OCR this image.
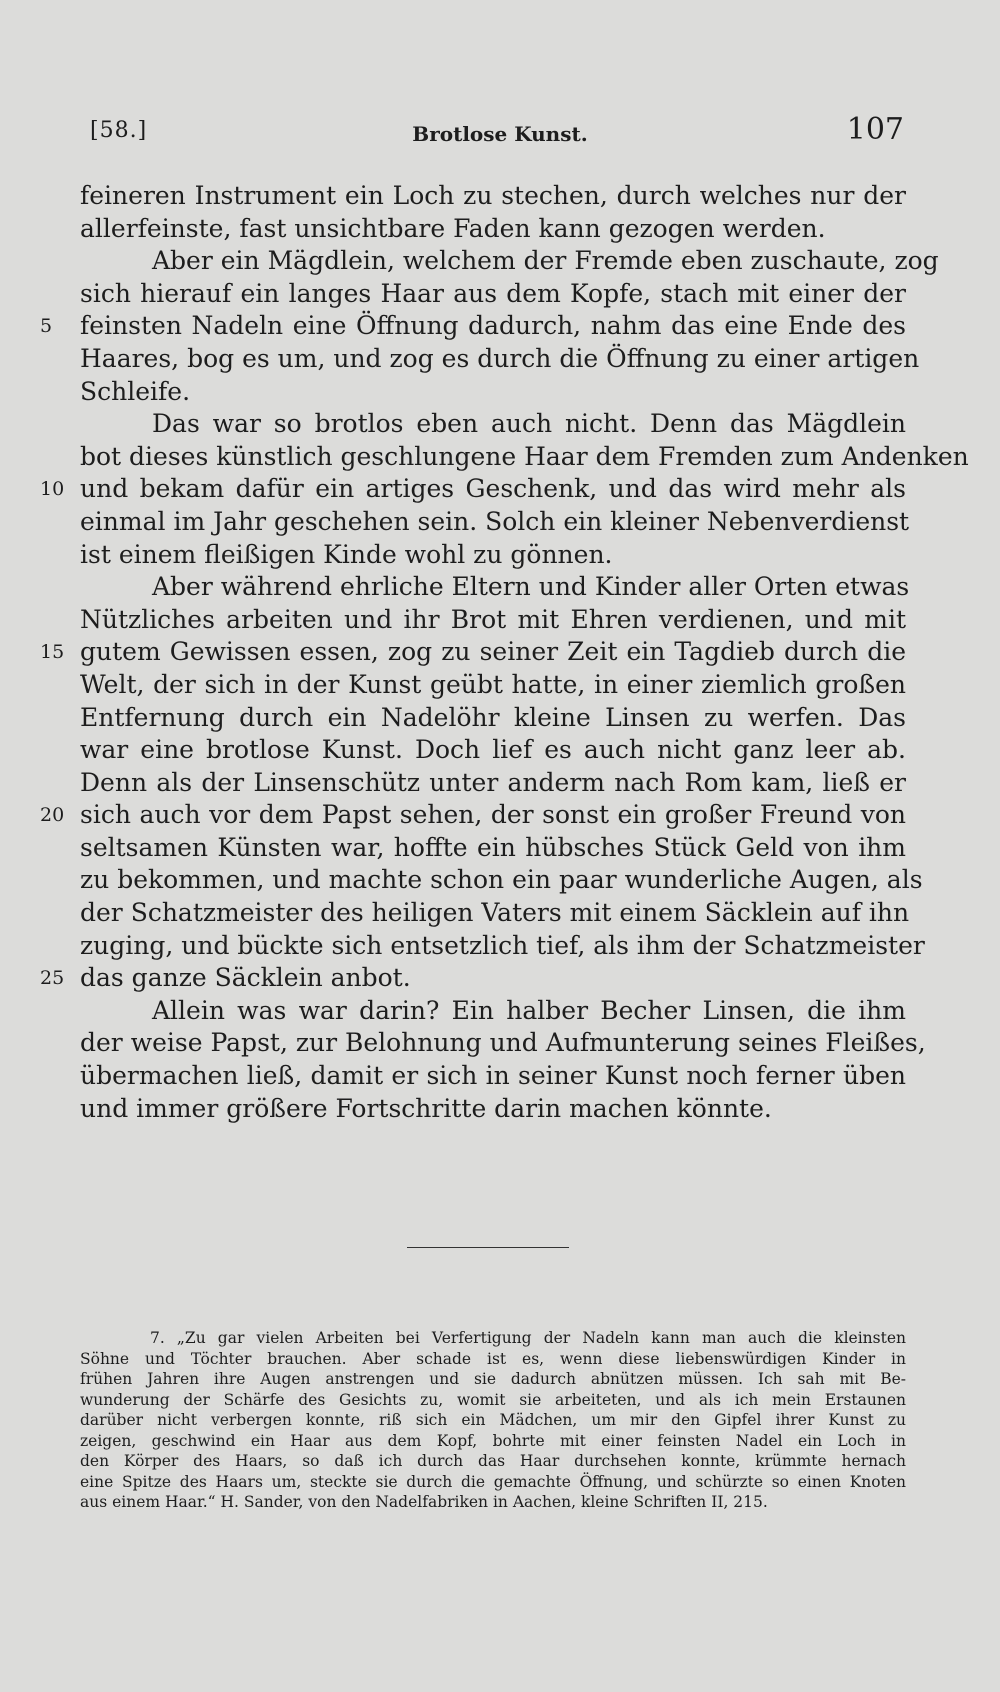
[58.]	Brotlose Kunst.	107
feineren Instrument ein Loch zu stechen, durch welches nur der
allerfeinste, fast unsichtbare Faden kann gezogen werden.
Aber ein Mägdlein, welchem der Fremde eben zuschaute, zog
sich hierauf ein langes Haar aus dem Kopfe, stach mit einer der
5	feinsten Nadeln eine Öffnung dadurch, nahm das eine Ende des
Haares, bog es um, und zog es durch die Öffnung zu einer artigen
Schleife.
Das war so brotlos eben auch nicht. Denn das Mägdlein
bot dieses künstlich geschlungene Haar dem Fremden zum Andenken
10 und bekam dafür ein artiges Geschenk, und das wird mehr als
einmal im Jahr geschehen sein. Solch ein kleiner Nebenverdienst
ist einem fleißigen Kinde wohl zu gönnen.
Aber während ehrliche Eltern und Kinder aller Orten etwas
Nützliches arbeiten und ihr Brot mit Ehren verdienen, und mit
15 gutem Gewissen essen, zog zu seiner Zeit ein Tagdieb durch die
Welt, der sich in der Kunst geübt hatte, in einer ziemlich großen
Entfernung durch ein Nadelöhr kleine Linsen zu werfen. Das
war eine brotlose Kunst. Doch lief es auch nicht ganz leer ab.
Denn als der Linsenschütz unter anderm nach Rom kam, ließ er
20 sich auch vor dem Papst sehen, der sonst ein großer Freund von
seltsamen Künsten war, hoffte ein hübsches Stück Geld von ihm
zu bekommen, und machte schon ein paar wunderliche Augen, als
der Schatzmeister des heiligen Vaters mit einem Säcklein auf ihn
zuging, und bückte sich entsetzlich tief, als ihm der Schatzmeister
25 das ganze Säcklein anbot.
Allein was war darin? Ein halber Becher Linsen, die ihm
der weise Papst, zur Belohnung und Aufmunterung seines Fleißes,
übermachen ließ, damit er sich in seiner Kunst noch ferner üben
und immer größere Fortschritte darin machen könnte.
7. „Zu gar vielen Arbeiten bei Verfertigung der Nadeln kann man auch die kleinsten
Söhne und Töchter brauchen. Aber schade ist es, wenn diese liebenswürdigen Kinder in
frühen Jahren ihre Augen anstrengen und sie dadurch abnützen müssen. Ich sah mit Be-
wunderung der Schärfe des Gesichts zu, womit sie arbeiteten, und als ich mein Erstaunen
darüber nicht verbergen konnte, riß sich ein Mädchen, um mir den Gipfel ihrer Kunst zu
zeigen, geschwind ein Haar aus dem Kopf, bohrte mit einer feinsten Nadel ein Loch in
den Körper des Haars, so daß ich durch das Haar durchsehen konnte, krümmte hernach
eine Spitze des Haars um, steckte sie durch die gemachte Öffnung, und schürzte so einen Knoten
aus einem Haar.“ H. Sander, von den Nadelfabriken in Aachen, kleine Schriften II, 215.
